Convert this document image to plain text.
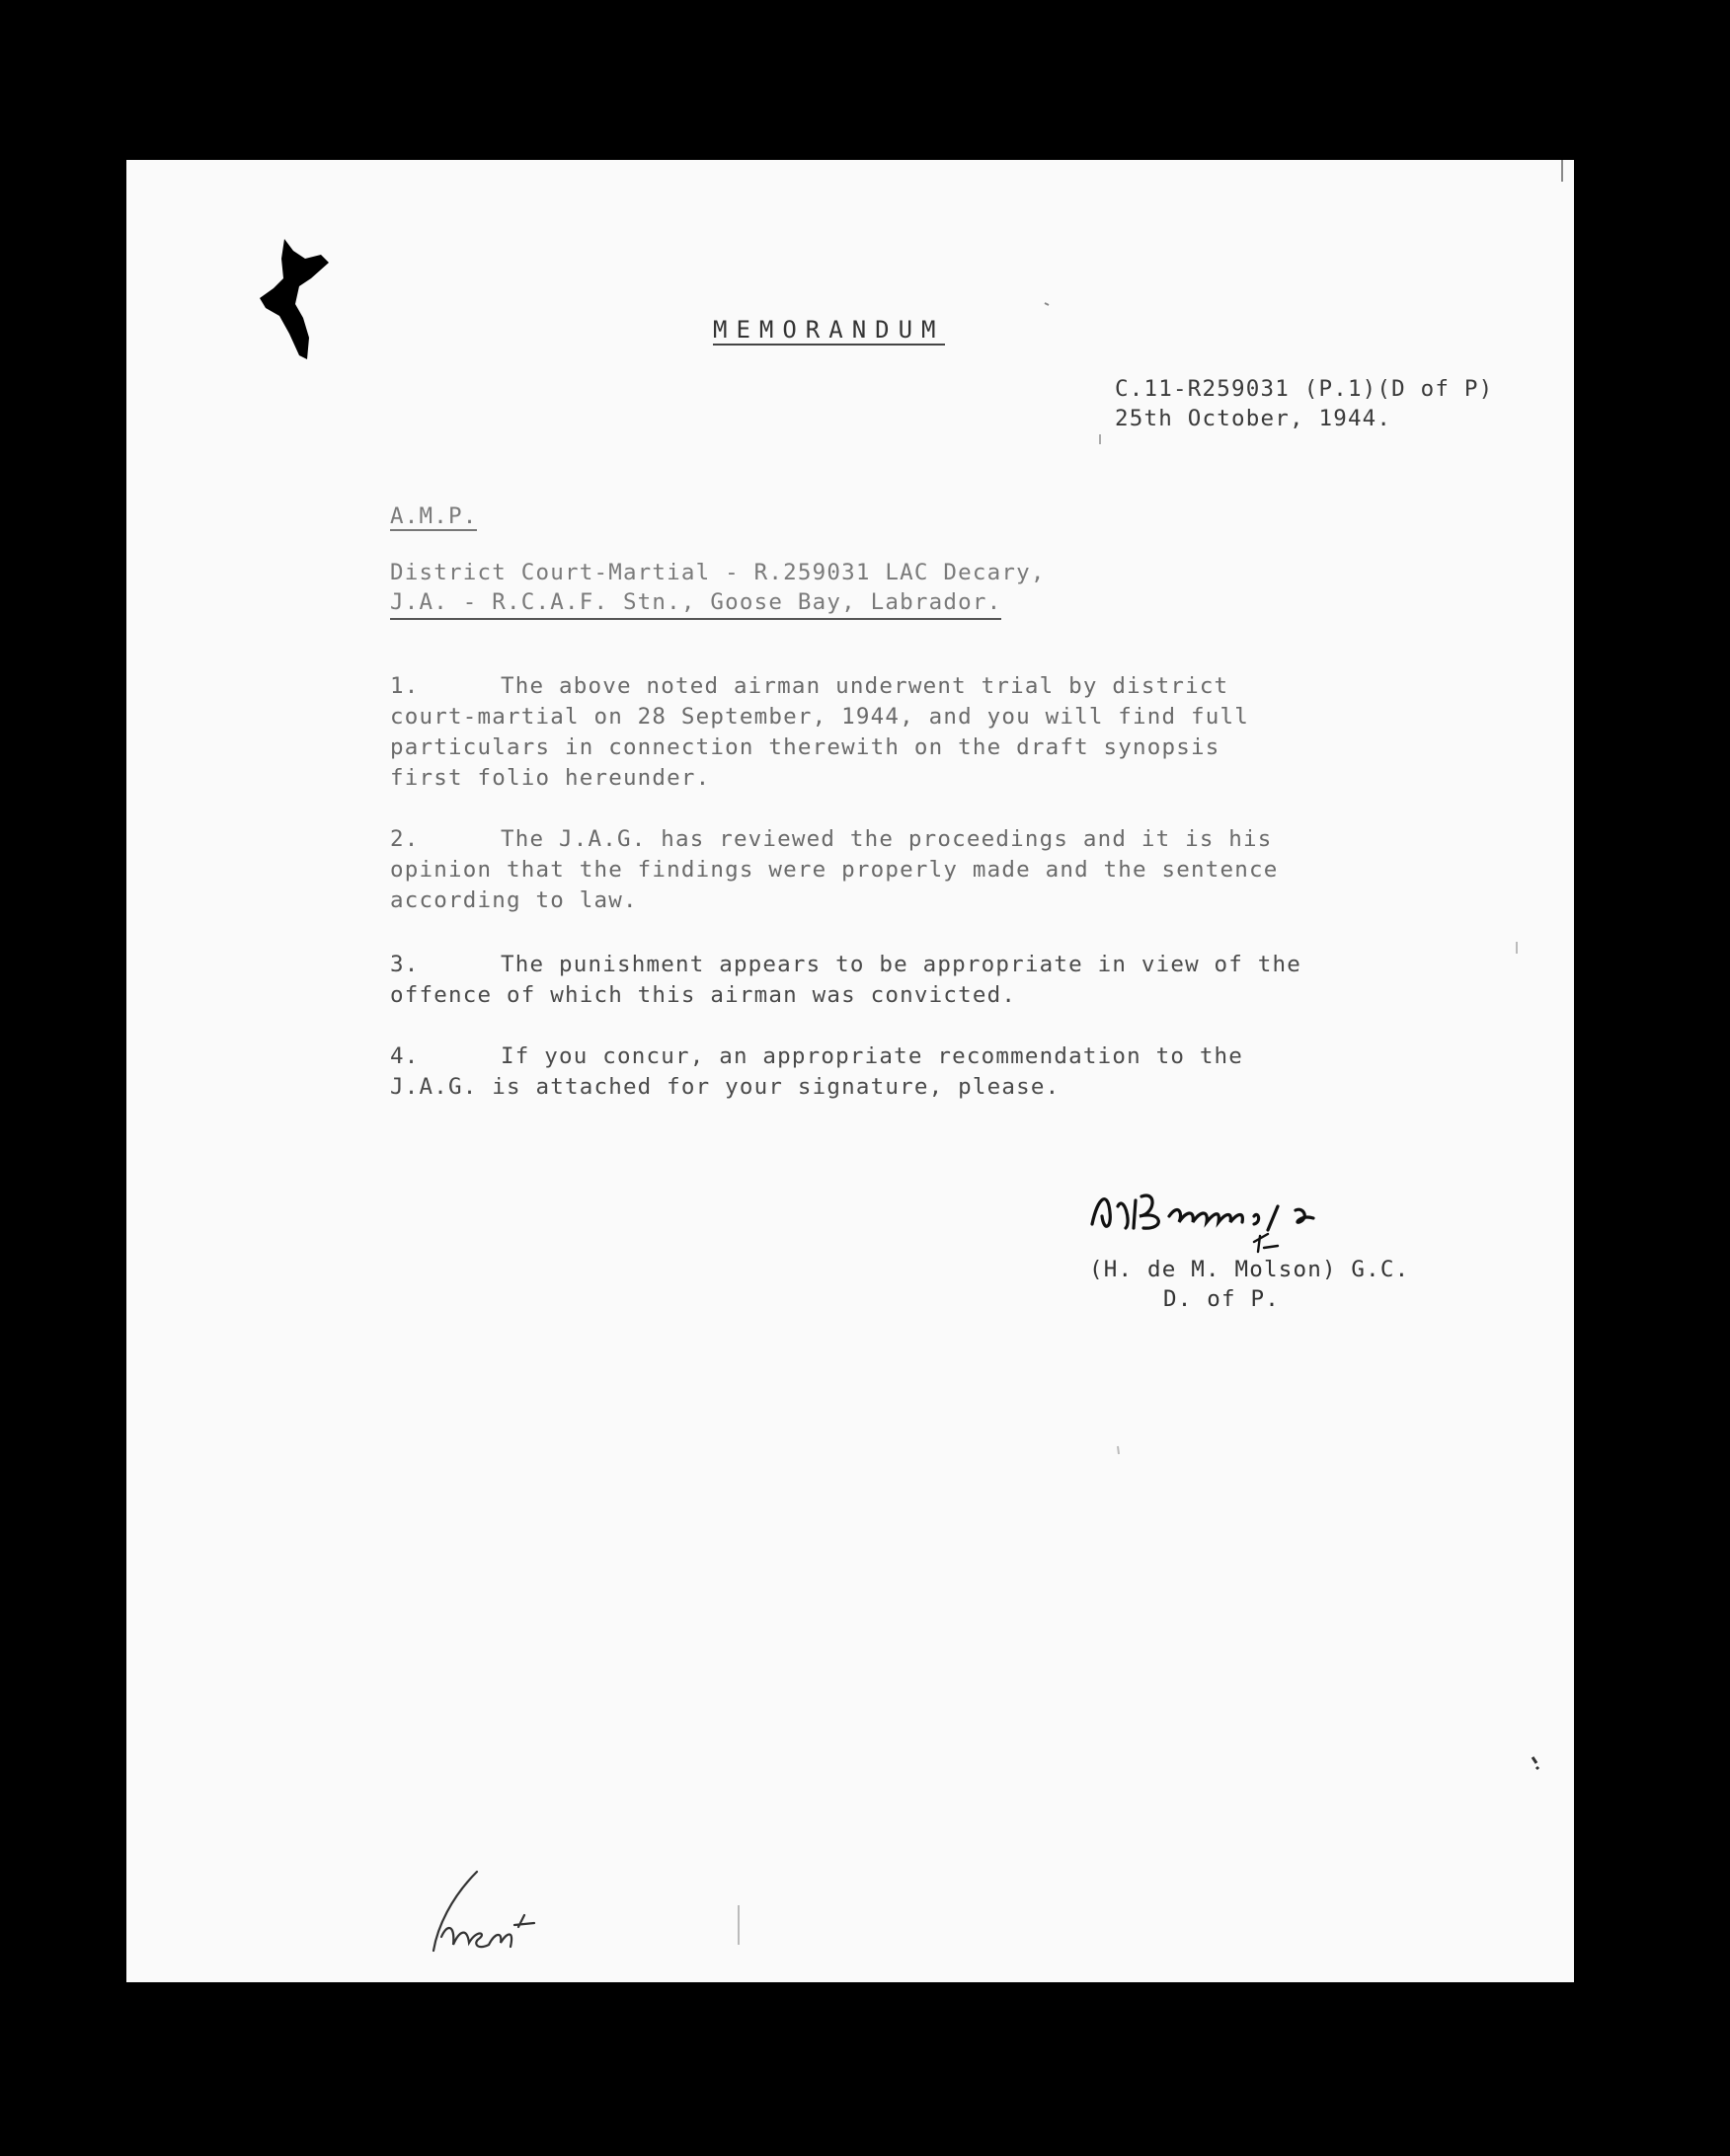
MEMORANDUM
C.11-R259031 (P.1)(D of P)
25th October, 1944.
A.M.P.
District Court-Martial - R.259031 LAC Decary,
J.A. - R.C.A.F. Stn., Goose Bay, Labrador.
1.	The above noted airman underwent trial by district
court-martial on 28 September, 1944, and you will find full
particulars in connection therewith on the draft synopsis
first folio hereunder.
2.	The J.A.G. has reviewed the proceedings and it is his
opinion that the findings were properly made and the sentence
according to law.
3.	The punishment appears to be appropriate in view of the
offence of which this airman was convicted.
4.	If you concur, an appropriate recommendation to the
J.A.G. is attached for your signature, please.
(H. de M. Molson) G.C.
D. of P.
